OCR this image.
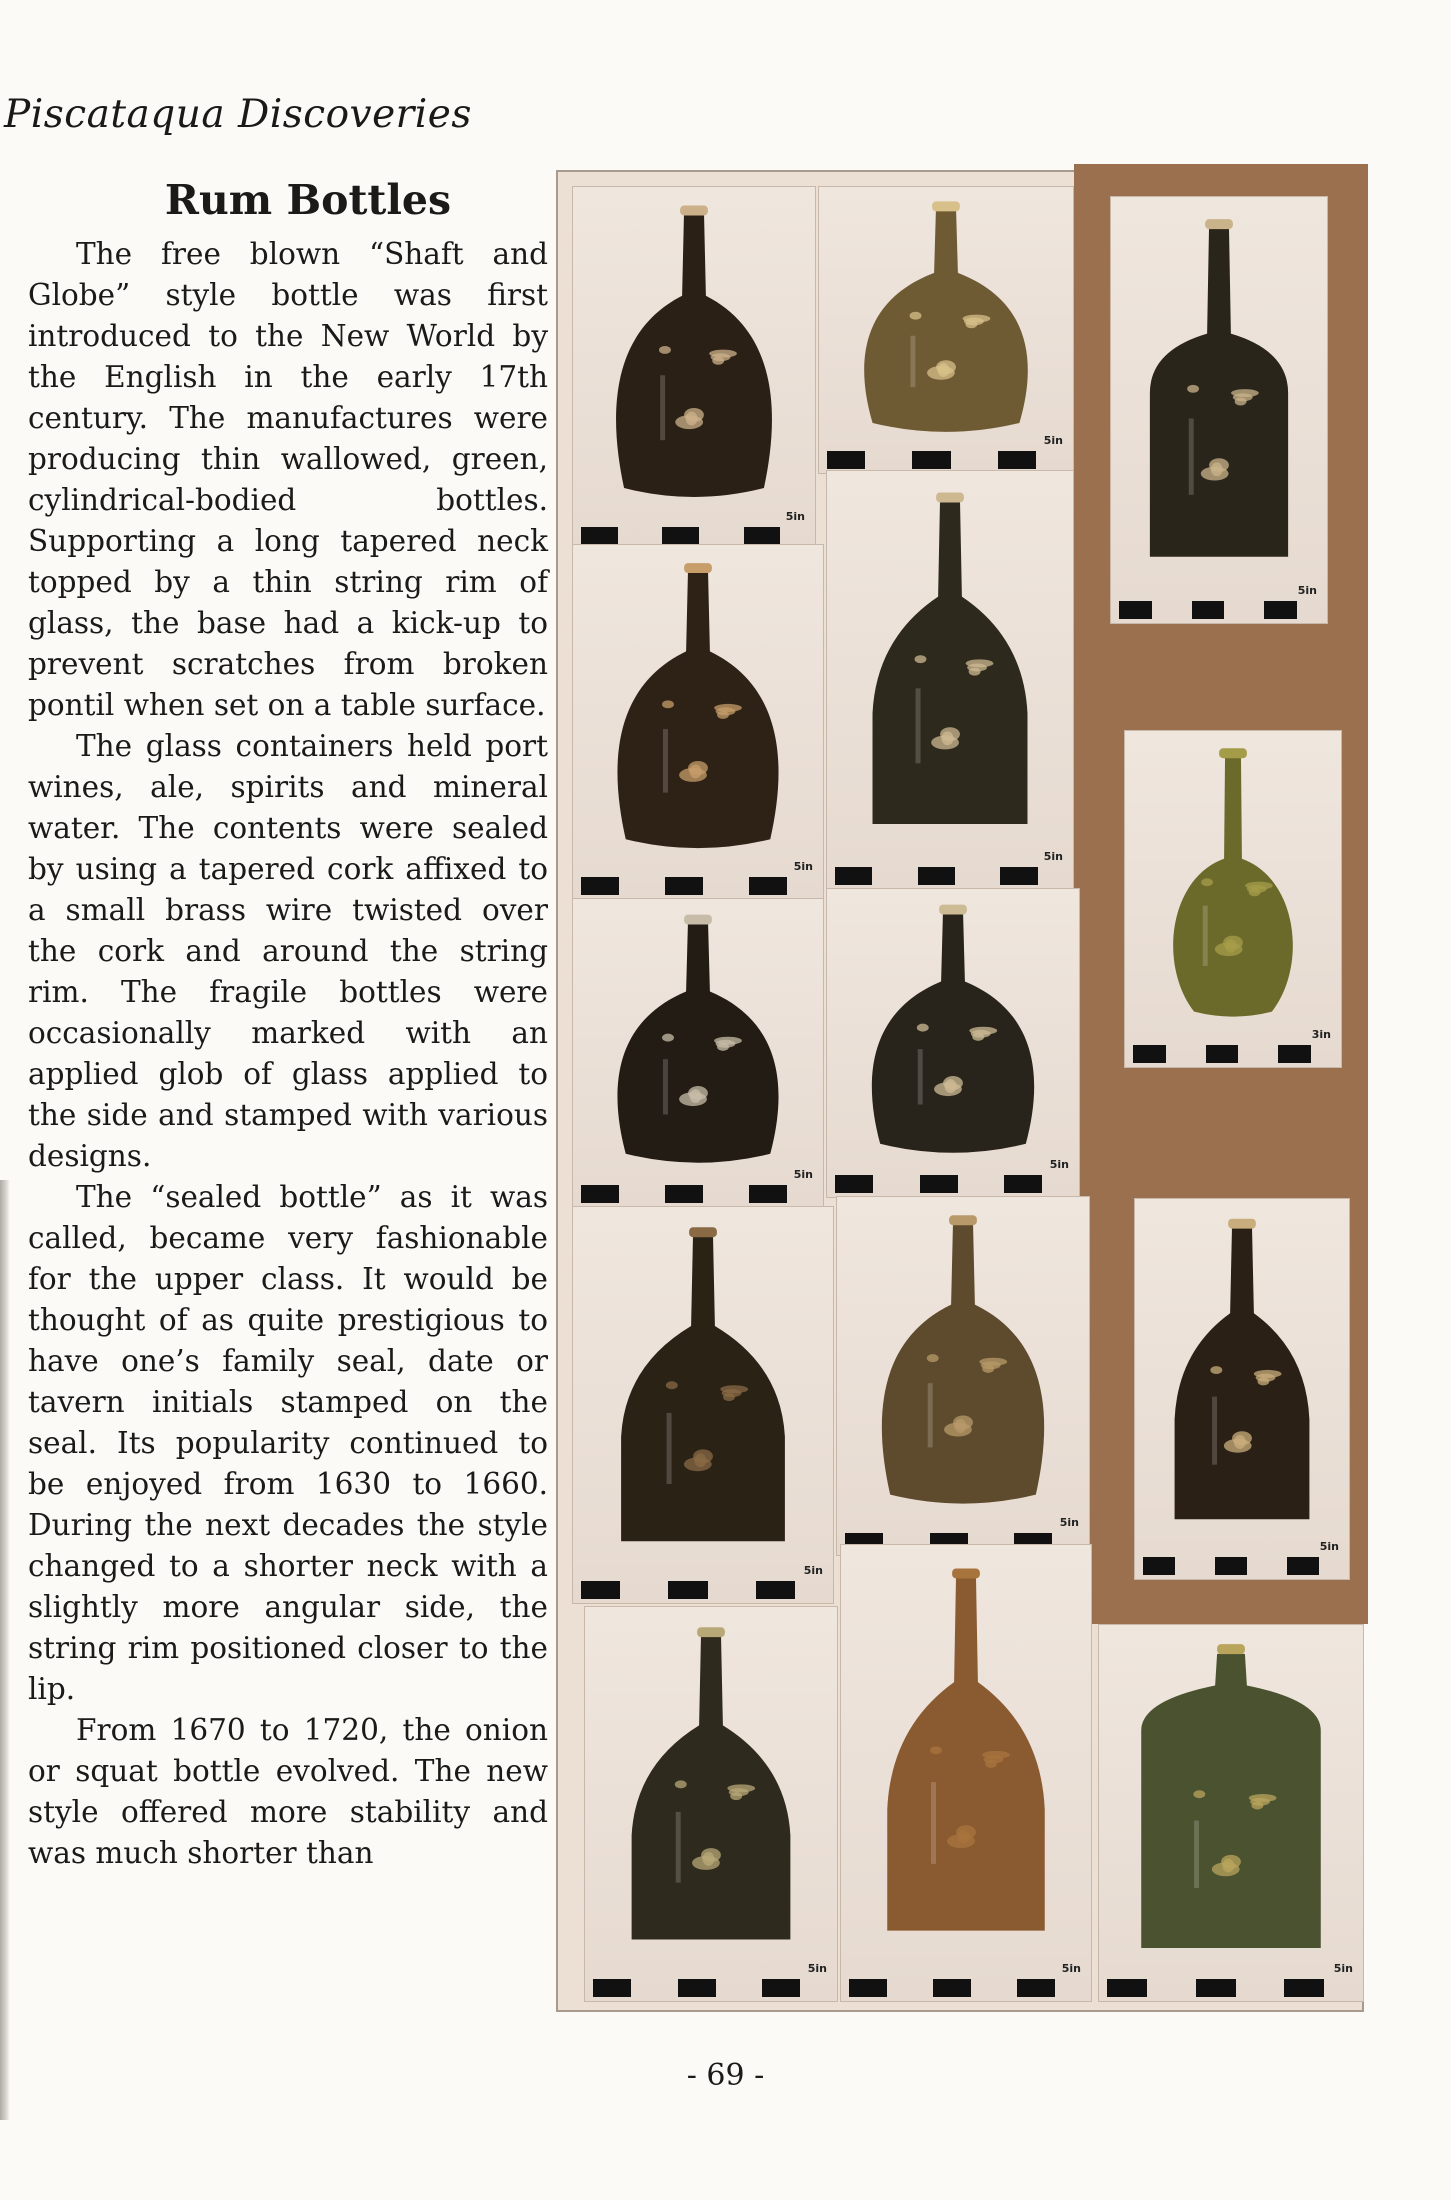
Piscataqua Discoveries
Rum Bottles

The free blown “Shaft and Globe” style bottle was first introduced to the New World by the English in the early 17th century. The manufactures were producing thin wallowed, green, cylindrical-bodied bottles. Supporting a long tapered neck topped by a thin string rim of glass, the base had a kick-up to prevent scratches from broken pontil when set on a table surface.

The glass containers held port wines, ale, spirits and mineral water. The contents were sealed by using a tapered cork affixed to a small brass wire twisted over the cork and around the string rim. The fragile bottles were occasionally marked with an applied glob of glass applied to the side and stamped with various designs.

The “sealed bottle” as it was called, became very fashionable for the upper class. It would be thought of as quite prestigious to have one’s family seal, date or tavern initials stamped on the seal. Its popularity continued to be enjoyed from 1630 to 1660. During the next decades the style changed to a shorter neck with a slightly more angular side, the string rim positioned closer to the lip.

From 1670 to 1720, the onion or squat bottle evolved. The new style offered more stability and was much shorter than

5in
5in
5in
5in
5in
5in
5in
5in
5in
5in
5in
3in
5in
5in
- 69 -
